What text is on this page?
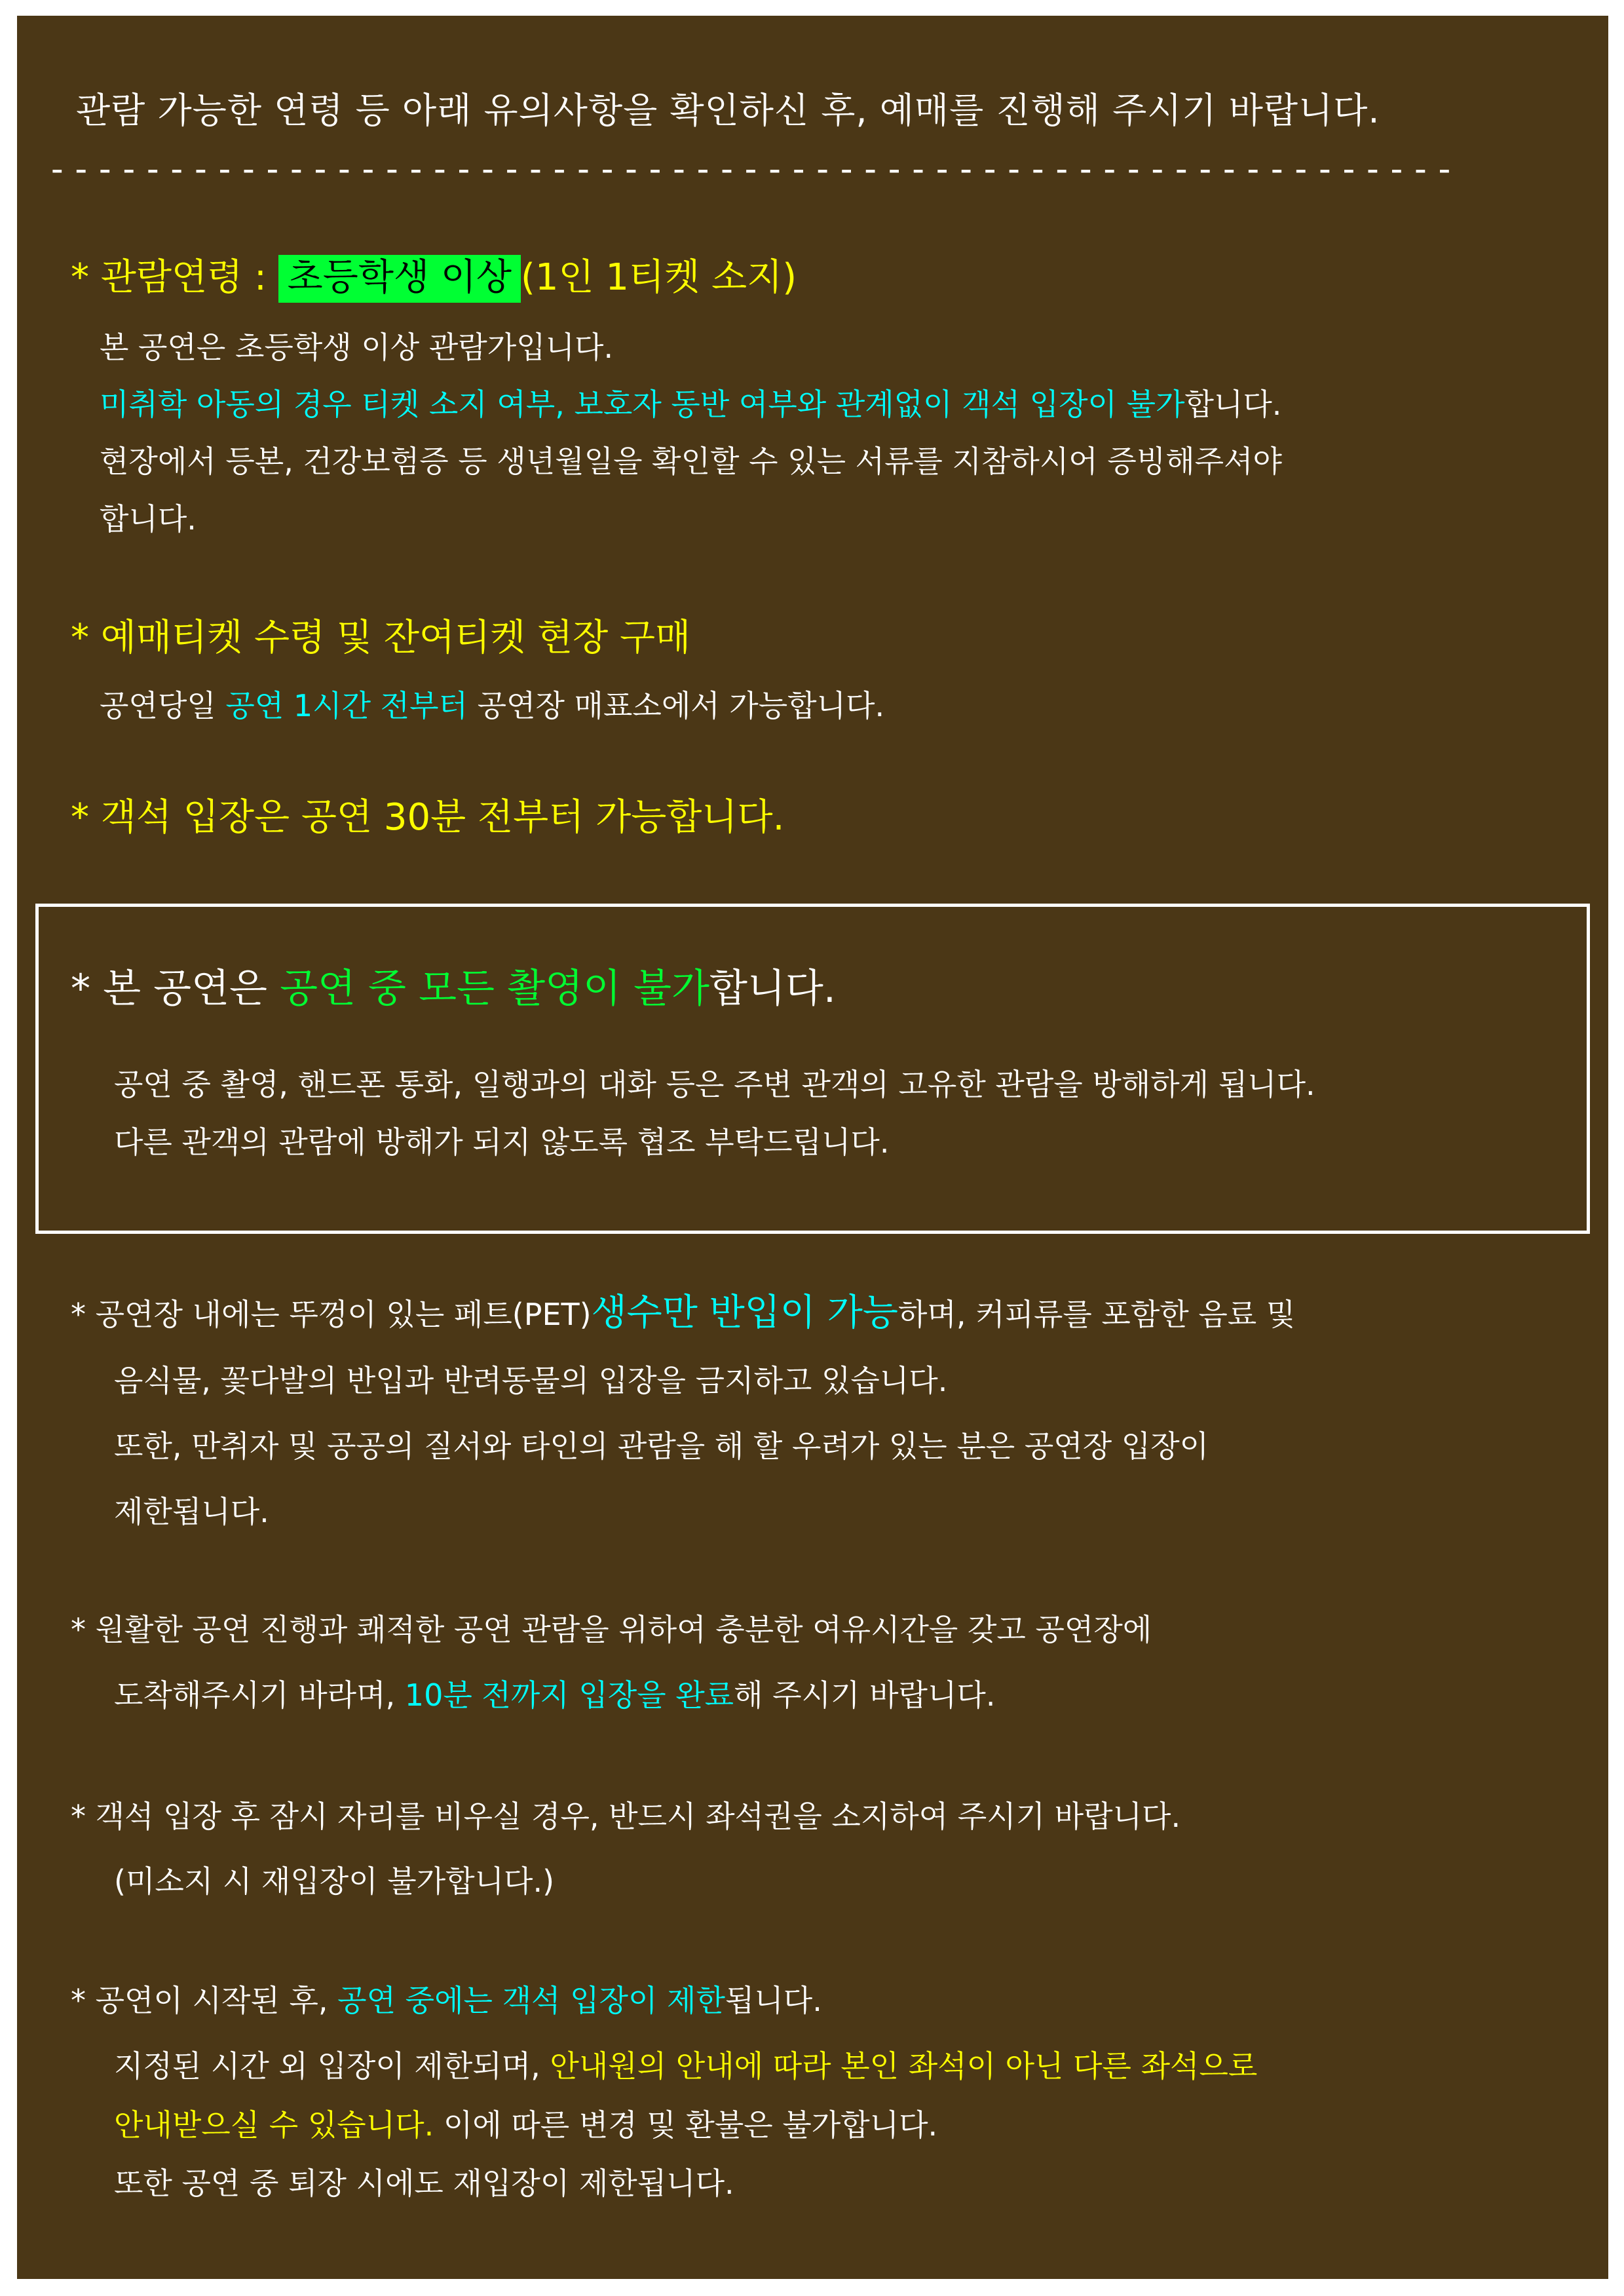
관람 가능한 연령 등 아래 유의사항을 확인하신 후, 예매를 진행해 주시기 바랍니다.
-----------------------------------------------------------
* 관람연령 : 초등학생 이상 (1인 1티켓 소지)
본 공연은 초등학생 이상 관람가입니다.
미취학 아동의 경우 티켓 소지 여부, 보호자 동반 여부와 관계없이 객석 입장이 불가합니다.
현장에서 등본, 건강보험증 등 생년월일을 확인할 수 있는 서류를 지참하시어 증빙해주셔야
합니다.
* 예매티켓 수령 및 잔여티켓 현장 구매
공연당일 공연 1시간 전부터 공연장 매표소에서 가능합니다.
* 객석 입장은 공연 30분 전부터 가능합니다.
* 본 공연은 공연 중 모든 촬영이 불가합니다.
공연 중 촬영, 핸드폰 통화, 일행과의 대화 등은 주변 관객의 고유한 관람을 방해하게 됩니다.
다른 관객의 관람에 방해가 되지 않도록 협조 부탁드립니다.
* 공연장 내에는 뚜껑이 있는 페트(PET)생수만 반입이 가능하며, 커피류를 포함한 음료 및
음식물, 꽃다발의 반입과 반려동물의 입장을 금지하고 있습니다.
또한, 만취자 및 공공의 질서와 타인의 관람을 해 할 우려가 있는 분은 공연장 입장이
제한됩니다.
* 원활한 공연 진행과 쾌적한 공연 관람을 위하여 충분한 여유시간을 갖고 공연장에
도착해주시기 바라며, 10분 전까지 입장을 완료해 주시기 바랍니다.
* 객석 입장 후 잠시 자리를 비우실 경우, 반드시 좌석권을 소지하여 주시기 바랍니다.
(미소지 시 재입장이 불가합니다.)
* 공연이 시작된 후, 공연 중에는 객석 입장이 제한됩니다.
지정된 시간 외 입장이 제한되며, 안내원의 안내에 따라 본인 좌석이 아닌 다른 좌석으로
안내받으실 수 있습니다. 이에 따른 변경 및 환불은 불가합니다.
또한 공연 중 퇴장 시에도 재입장이 제한됩니다.
